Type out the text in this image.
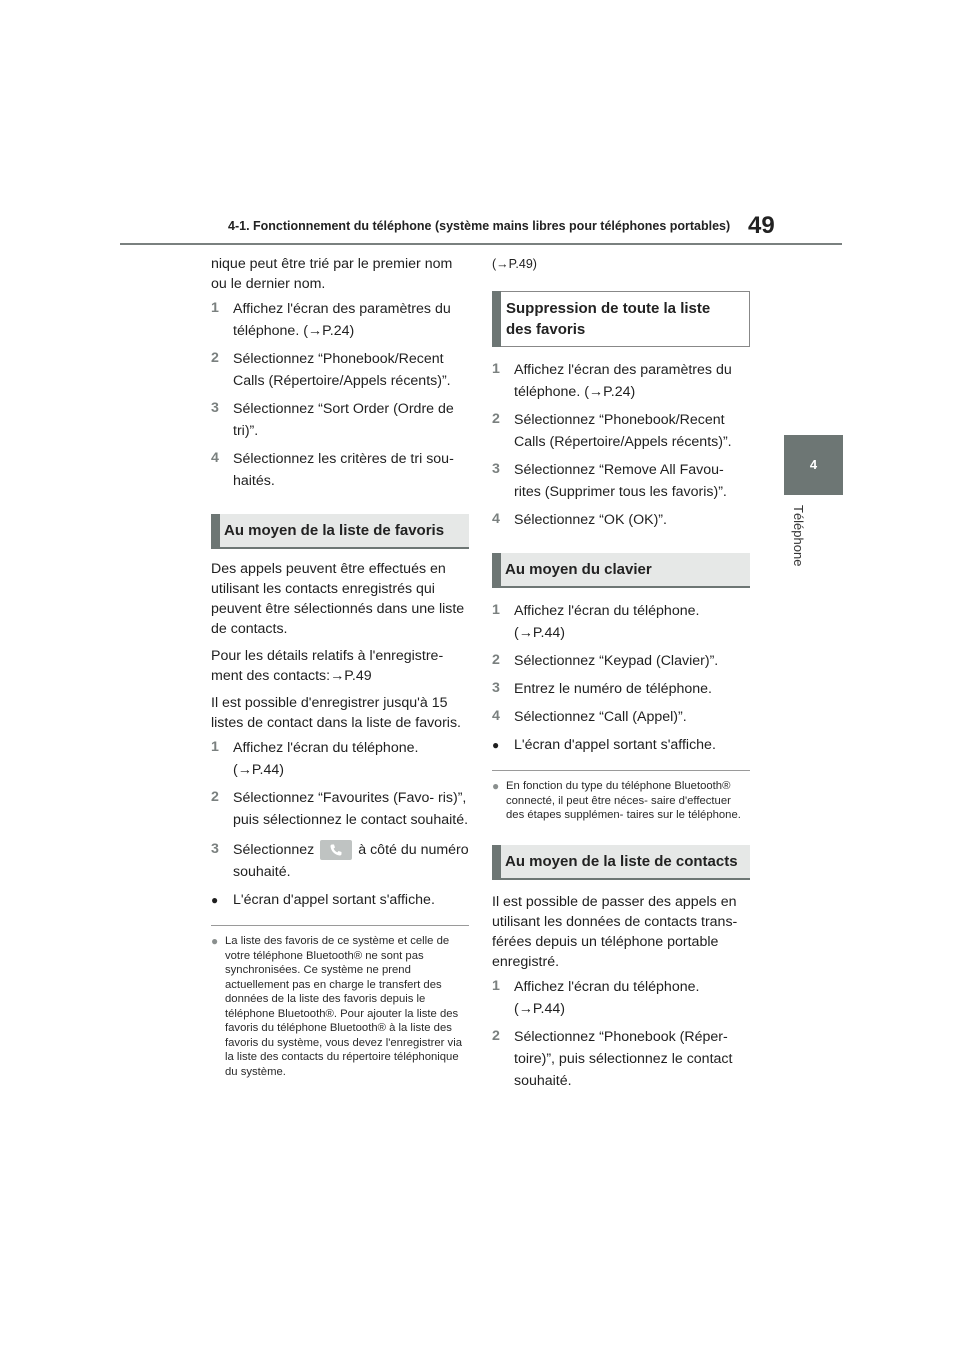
4-1. Fonctionnement du téléphone (système mains libres pour téléphones portables) 49
4
Téléphone

nique peut être trié par le premier nom ou le dernier nom.

1 Affichez l'écran des paramètres du téléphone. (→P.24)
2 Sélectionnez “Phonebook/Recent Calls (Répertoire/Appels récents)”.
3 Sélectionnez “Sort Order (Ordre de tri)”.
4 Sélectionnez les critères de tri sou- haités.
Au moyen de la liste de favoris

Des appels peuvent être effectués en utilisant les contacts enregistrés qui peuvent être sélectionnés dans une liste de contacts.

Pour les détails relatifs à l'enregistre- ment des contacts:→P.49

Il est possible d'enregistrer jusqu'à 15 listes de contact dans la liste de favoris.

1 Affichez l'écran du téléphone. (→P.44)
2 Sélectionnez “Favourites (Favo- ris)”, puis sélectionnez le contact souhaité.
3 Sélectionnez	à côté du numéro souhaité.
●	L'écran d'appel sortant s'affiche.
● La liste des favoris de ce système et celle de votre téléphone Bluetooth® ne sont pas synchronisées. Ce système ne prend actuellement pas en charge le transfert des données de la liste des favoris depuis le téléphone Bluetooth®. Pour ajouter la liste des favoris du téléphone Bluetooth® à la liste des favoris du système, vous devez l'enregistrer via la liste des contacts du répertoire téléphonique du système.

(→P.49)

Suppression de toute la liste des favoris
1 Affichez l'écran des paramètres du téléphone. (→P.24)
2 Sélectionnez “Phonebook/Recent Calls (Répertoire/Appels récents)”.
3 Sélectionnez “Remove All Favou- rites (Supprimer tous les favoris)”.
4 Sélectionnez “OK (OK)”.
Au moyen du clavier
1 Affichez l'écran du téléphone. (→P.44)
2 Sélectionnez “Keypad (Clavier)”.
3 Entrez le numéro de téléphone.
4 Sélectionnez “Call (Appel)”.
●	L'écran d'appel sortant s'affiche.
● En fonction du type du téléphone Bluetooth® connecté, il peut être néces- saire d'effectuer des étapes supplémen- taires sur le téléphone.
Au moyen de la liste de contacts

Il est possible de passer des appels en utilisant les données de contacts trans- férées depuis un téléphone portable enregistré.

1 Affichez l'écran du téléphone. (→P.44)
2 Sélectionnez “Phonebook (Réper- toire)”, puis sélectionnez le contact souhaité.
